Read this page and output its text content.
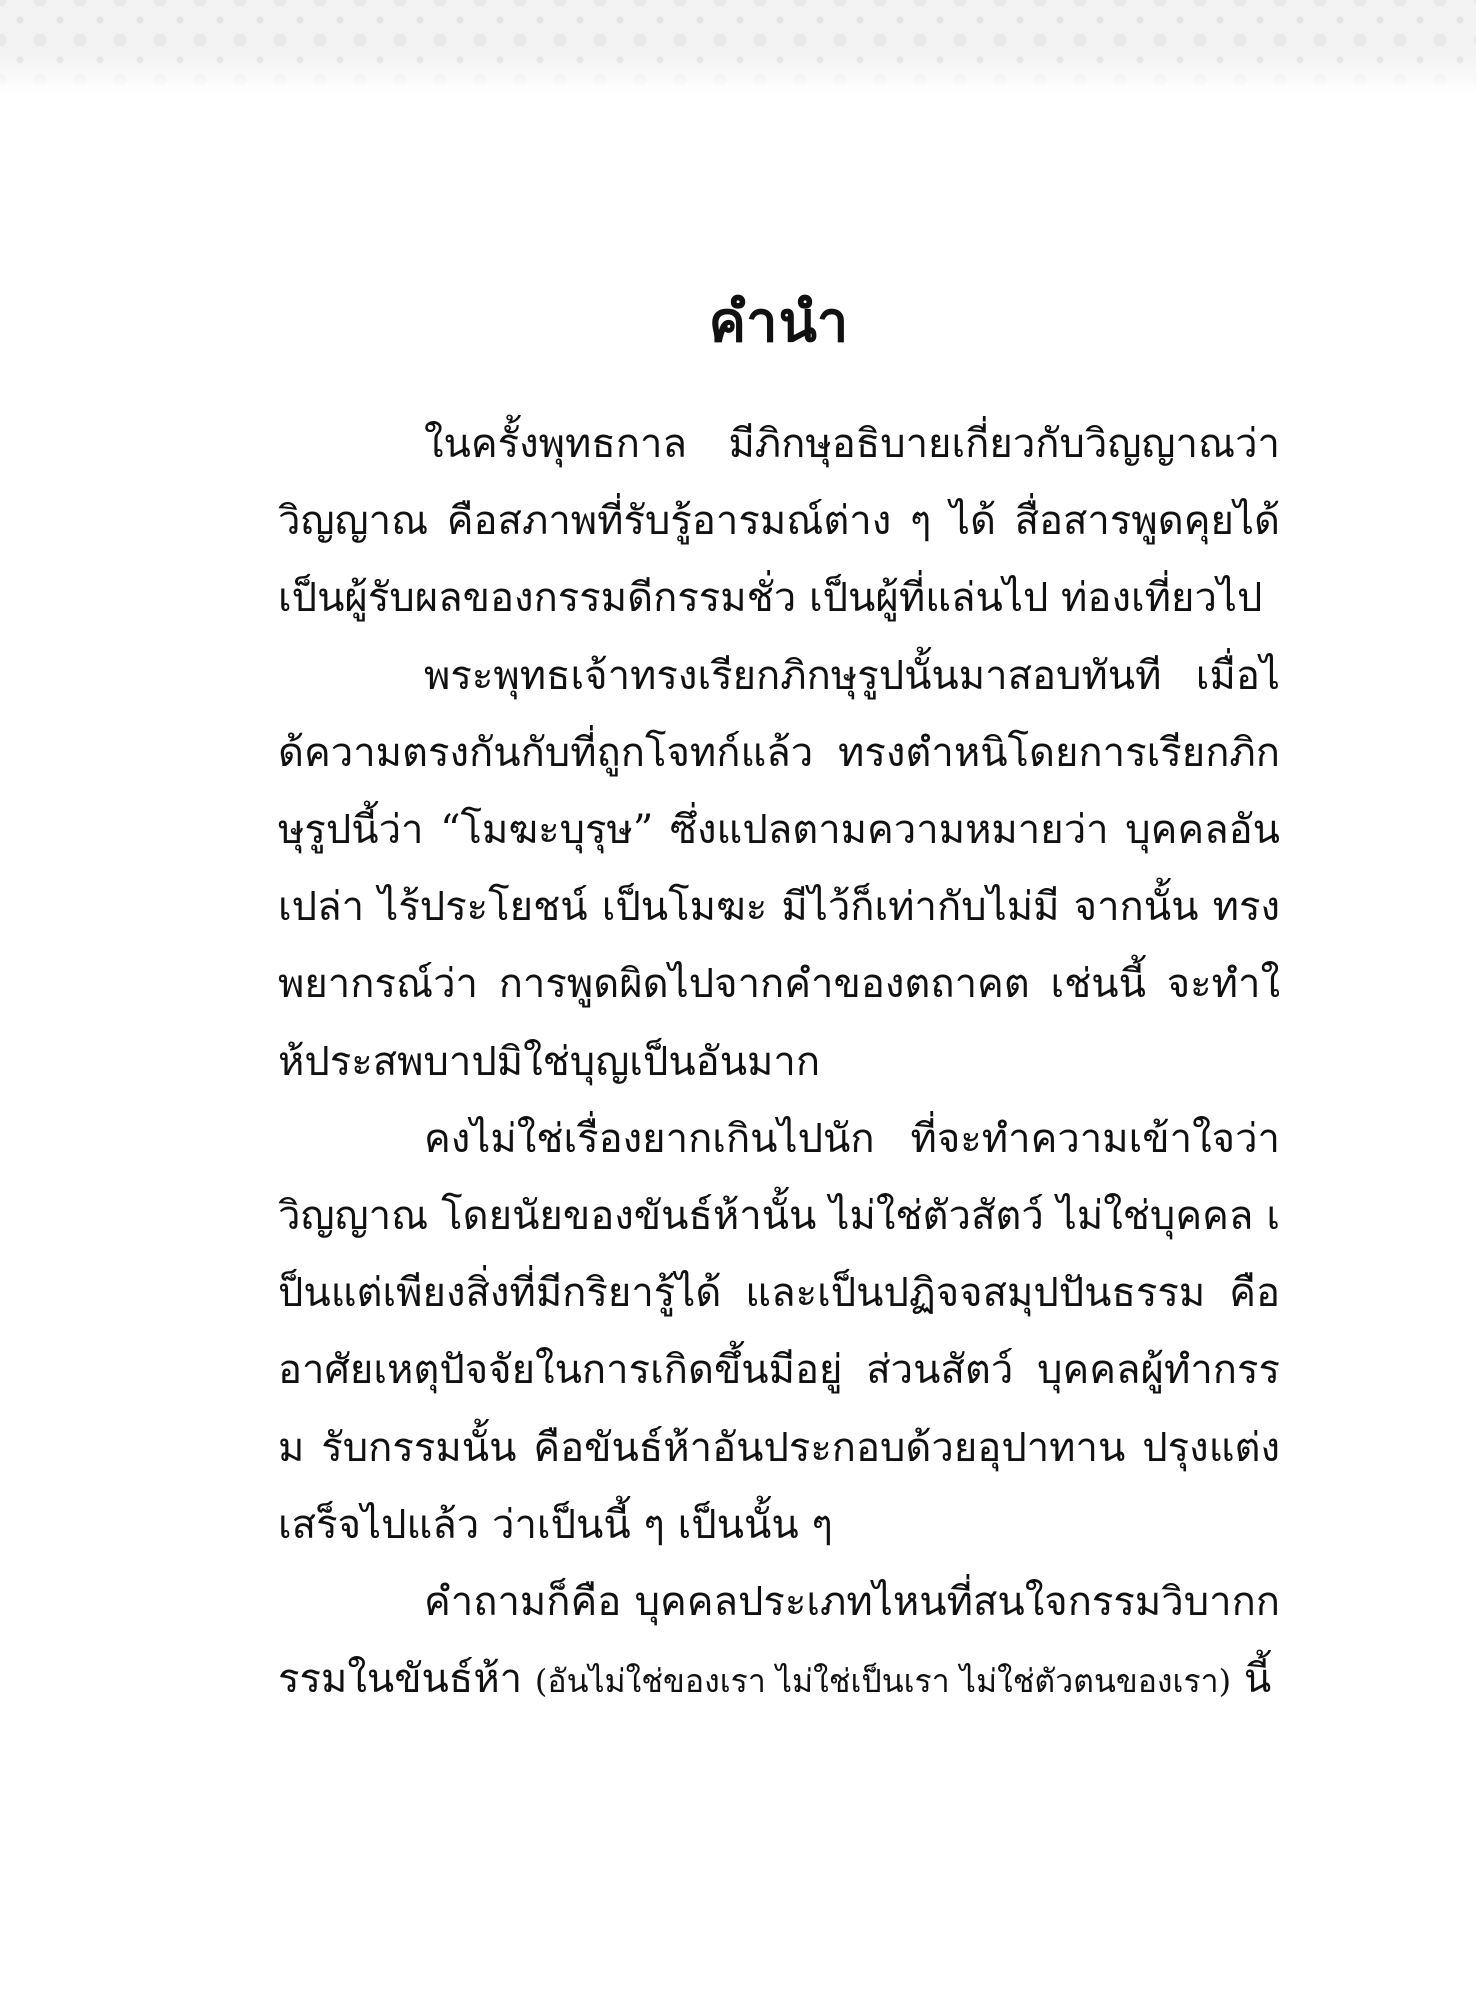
คำนำ

ในครั้งพุทธกาล มีภิกษุอธิบายเกี่ยวกับวิญญาณว่า วิญญาณ คือสภาพที่รับรู้อารมณ์ต่าง ๆ ได้ สื่อสารพูดคุยได้ เป็นผู้รับผลของกรรมดีกรรมชั่ว เป็นผู้ที่แล่นไป ท่องเที่ยวไป

พระพุทธเจ้าทรงเรียกภิกษุรูปนั้นมาสอบทันที เมื่อได้ความตรงกันกับที่ถูกโจทก์แล้ว ทรงตำหนิโดยการเรียกภิกษุรูปนี้ว่า “โมฆะบุรุษ” ซึ่งแปลตามความหมายว่า บุคคลอันเปล่า ไร้ประโยชน์ เป็นโมฆะ มีไว้ก็เท่ากับไม่มี จากนั้น ทรงพยากรณ์ว่า การพูดผิดไปจากคำของตถาคต เช่นนี้ จะทำให้ประสพบาปมิใช่บุญเป็นอันมาก

คงไม่ใช่เรื่องยากเกินไปนัก ที่จะทำความเข้าใจว่า วิญญาณ โดยนัยของขันธ์ห้านั้น ไม่ใช่ตัวสัตว์ ไม่ใช่บุคคล เป็นแต่เพียงสิ่งที่มีกริยารู้ได้ และเป็นปฏิจจสมุปปันธรรม คืออาศัยเหตุปัจจัยในการเกิดขึ้นมีอยู่ ส่วนสัตว์ บุคคลผู้ทำกรรม รับกรรมนั้น คือขันธ์ห้าอันประกอบด้วยอุปาทาน ปรุงแต่งเสร็จไปแล้ว ว่าเป็นนี้ ๆ เป็นนั้น ๆ

คำถามก็คือ บุคคลประเภทไหนที่สนใจกรรมวิบากกรรมในขันธ์ห้า (อันไม่ใช่ของเรา ไม่ใช่เป็นเรา ไม่ใช่ตัวตนของเรา) นี้
